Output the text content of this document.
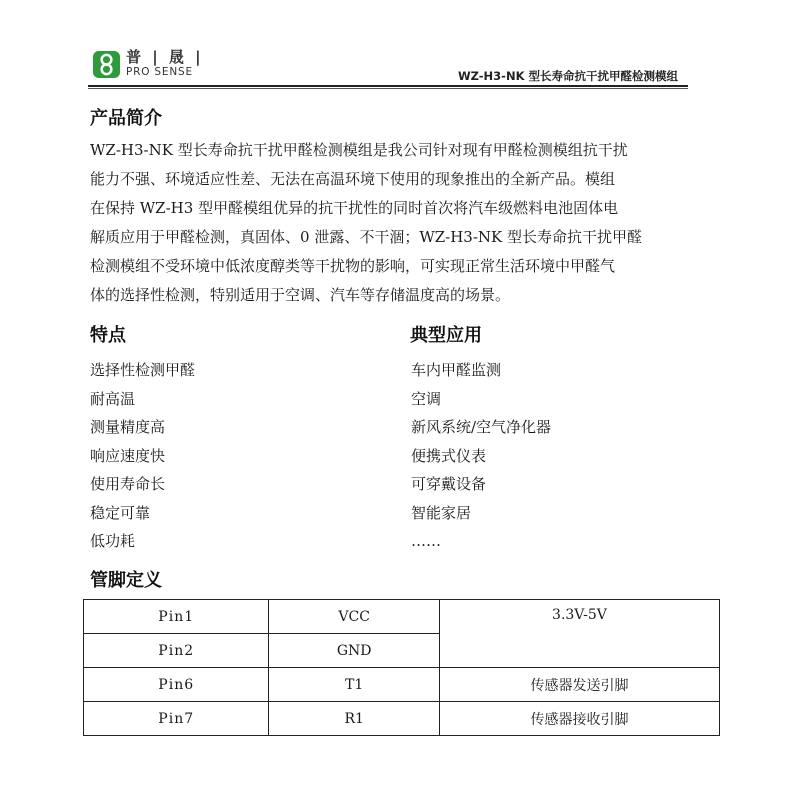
普 | 晟 |
PRO SENSE	WZ-H3-NK 型长寿命抗干扰甲醛检测模组
产品简介

WZ-H3-NK 型长寿命抗干扰甲醛检测模组是我公司针对现有甲醛检测模组抗干扰
能力不强、环境适应性差、无法在高温环境下使用的现象推出的全新产品。模组
在保持 WZ-H3 型甲醛模组优异的抗干扰性的同时首次将汽车级燃料电池固体电
解质应用于甲醛检测，真固体、0 泄露、不干涸；WZ-H3-NK 型长寿命抗干扰甲醛
检测模组不受环境中低浓度醇类等干扰物的影响，可实现正常生活环境中甲醛气
体的选择性检测，特别适用于空调、汽车等存储温度高的场景。

特点	典型应用
选择性检测甲醛
耐高温
测量精度高
响应速度快
使用寿命长
稳定可靠
低功耗
车内甲醛监测
空调
新风系统/空气净化器
便携式仪表
可穿戴设备
智能家居
……
管脚定义
Pin1	VCC	3.3V-5V
Pin2	GND	
Pin6	T1	传感器发送引脚
Pin7	R1	传感器接收引脚
